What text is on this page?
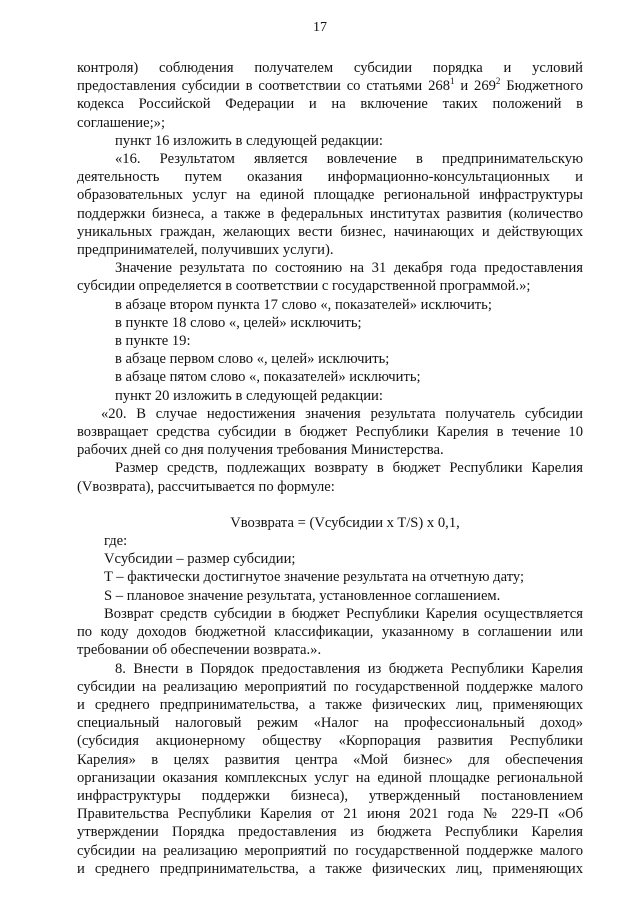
17

контроля) соблюдения получателем субсидии порядка и условий

предоставления субсидии в соответствии со статьями $268^1$ и $269^2$ Бюджетного

кодекса Российской Федерации и на включение таких положений в

соглашение;»;

пункт 16 изложить в следующей редакции:

«16. Результатом является вовлечение в предпринимательскую

деятельность путем оказания информационно-консультационных и

образовательных услуг на единой площадке региональной инфраструктуры

поддержки бизнеса, а также в федеральных институтах развития (количество

уникальных граждан, желающих вести бизнес, начинающих и действующих

предпринимателей, получивших услуги).

Значение результата по состоянию на 31 декабря года предоставления

субсидии определяется в соответствии с государственной программой.»;

в абзаце втором пункта 17 слово «, показателей» исключить;

в пункте 18 слово «, целей» исключить;

в пункте 19:

в абзаце первом слово «, целей» исключить;

в абзаце пятом слово «, показателей» исключить;

пункт 20 изложить в следующей редакции:

«20. В случае недостижения значения результата получатель субсидии

возвращает средства субсидии в бюджет Республики Карелия в течение 10

рабочих дней со дня получения требования Министерства.

Размер средств, подлежащих возврату в бюджет Республики Карелия

(Vвозврата), рассчитывается по формуле:

Vвозврата = (Vсубсидии x T/S) x 0,1,

где:

Vсубсидии – размер субсидии;

T – фактически достигнутое значение результата на отчетную дату;

S – плановое значение результата, установленное соглашением.

Возврат средств субсидии в бюджет Республики Карелия осуществляется

по коду доходов бюджетной классификации, указанному в соглашении или

требовании об обеспечении возврата.».

8. Внести в Порядок предоставления из бюджета Республики Карелия

субсидии на реализацию мероприятий по государственной поддержке малого

и среднего предпринимательства, а также физических лиц, применяющих

специальный налоговый режим «Налог на профессиональный доход»

(субсидия акционерному обществу «Корпорация развития Республики

Карелия» в целях развития центра «Мой бизнес» для обеспечения

организации оказания комплексных услуг на единой площадке региональной

инфраструктуры поддержки бизнеса), утвержденный постановлением

Правительства Республики Карелия от 21 июня 2021 года № 229-П «Об

утверждении Порядка предоставления из бюджета Республики Карелия

субсидии на реализацию мероприятий по государственной поддержке малого

и среднего предпринимательства, а также физических лиц, применяющих
